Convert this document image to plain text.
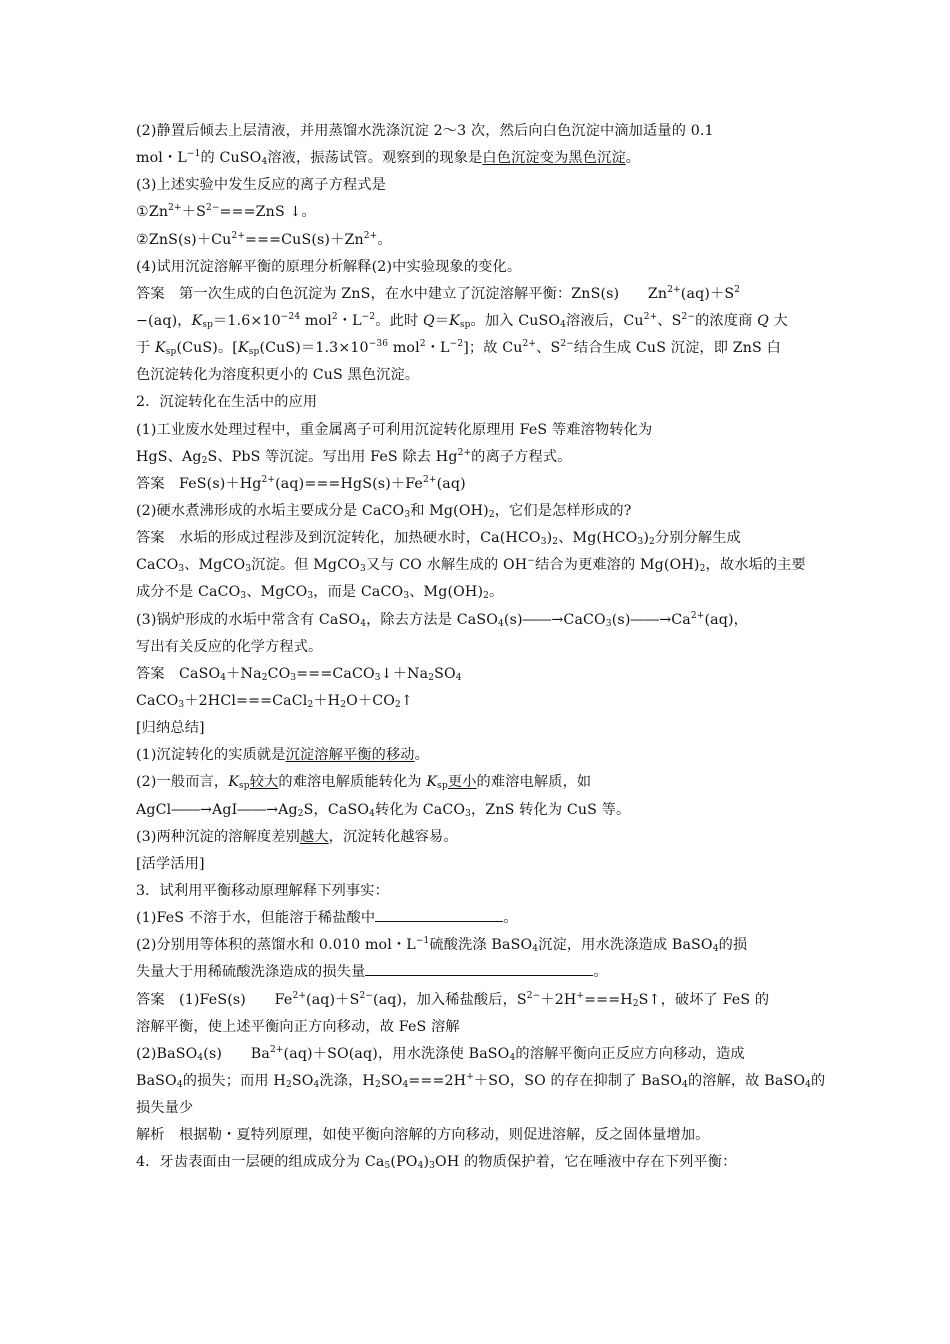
(2)静置后倾去上层清液，并用蒸馏水洗涤沉淀 2～3 次，然后向白色沉淀中滴加适量的 0.1
mol・$L^{-1}$的 CuSO$_4$溶液，振荡试管。观察到的现象是白色沉淀变为黑色沉淀。
(3)上述实验中发生反应的离子方程式是
$①Zn^{2+}+S^{2-}===ZnS$ ↓。
$②ZnS(s)+Cu^{2+}===CuS(s)+Zn^{2+}$。
(4)试用沉淀溶解平衡的原理分析解释(2)中实验现象的变化。
答案　第一次生成的白色沉淀为 ZnS，在水中建立了沉淀溶解平衡：ZnS(s)　　$Zn^{2+}(aq)+S^2$
−(aq)，$K_{sp}=1.6\times 10^{-24}$ mol$^2$・$L^{-2}$。此时 $Q=K_{sp}$。加入 CuSO$_4$溶液后，$Cu^{2+}$、$S^{2-}$的浓度商 Q 大
于 $K_{sp}(CuS)$。[$K_{sp}(CuS)=1.3\times 10^{-36}$ mol$^2$・$L^{-2}$]；故 $Cu^{2+}$、$S^{2-}$结合生成 CuS 沉淀，即 ZnS 白
色沉淀转化为溶度积更小的 CuS 黑色沉淀。
2．沉淀转化在生活中的应用
(1)工业废水处理过程中，重金属离子可利用沉淀转化原理用 FeS 等难溶物转化为
HgS、$Ag_2S$、PbS 等沉淀。写出用 FeS 除去 $Hg^{2+}$的离子方程式。
答案　$FeS(s)+Hg^{2+}(aq)===HgS(s)+Fe^{2+}(aq)$
(2)硬水煮沸形成的水垢主要成分是 CaCO$_3$和 $Mg(OH)_2$，它们是怎样形成的?
答案　水垢的形成过程涉及到沉淀转化，加热硬水时，$Ca(HCO_3)_2$、$Mg(HCO_3)_2$分别分解生成
CaCO$_3$、MgCO$_3$沉淀。但 MgCO$_3$又与 CO 水解生成的 OH−结合为更难溶的 $Mg(OH)_2$，故水垢的主要
成分不是 CaCO$_3$、MgCO$_3$，而是 CaCO$_3$、$Mg(OH)_2$。
(3)锅炉形成的水垢中常含有 CaSO$_4$，除去方法是 $CaSO_4(s)――\to CaCO_3(s)――\to Ca^{2+}(aq)$，
写出有关反应的化学方程式。
答案　$CaSO_4+Na_2CO_3===CaCO_3↓+Na_2SO_4$
$CaCO_3+2HCl===CaCl_2+H_2O+CO_2↑$
[归纳总结]
(1)沉淀转化的实质就是沉淀溶解平衡的移动。
(2)一般而言，$K_{sp}$较大的难溶电解质能转化为 $K_{sp}$更小的难溶电解质，如
$AgCl――\to AgI――\to Ag_2S$，CaSO$_4$转化为 CaCO$_3$，ZnS 转化为 CuS 等。
(3)两种沉淀的溶解度差别越大，沉淀转化越容易。
[活学活用]
3．试利用平衡移动原理解释下列事实：
(1)FeS 不溶于水，但能溶于稀盐酸中	。
(2)分别用等体积的蒸馏水和 0.010 mol・$L^{-1}$硫酸洗涤 BaSO$_4$沉淀，用水洗涤造成 BaSO$_4$的损
失量大于用稀硫酸洗涤造成的损失量	。
答案　(1)FeS(s)　　$Fe^{2+}(aq)+S^{2-}(aq)$，加入稀盐酸后，$S^{2-}+2H^+===H_2S↑$，破坏了 FeS 的
溶解平衡，使上述平衡向正方向移动，故 FeS 溶解
(2)BaSO$_4$(s)　　$Ba^{2+}(aq)+SO(aq)$，用水洗涤使 BaSO$_4$的溶解平衡向正反应方向移动，造成
BaSO$_4$的损失；而用 $H_2SO_4$洗涤，$H_2SO_4===2H^++SO$，SO 的存在抑制了 BaSO$_4$的溶解，故 BaSO$_4$的
损失量少
解析　根据勒・夏特列原理，如使平衡向溶解的方向移动，则促进溶解，反之固体量增加。
4．牙齿表面由一层硬的组成成分为 $Ca_5(PO_4)_3OH$ 的物质保护着，它在唾液中存在下列平衡：
